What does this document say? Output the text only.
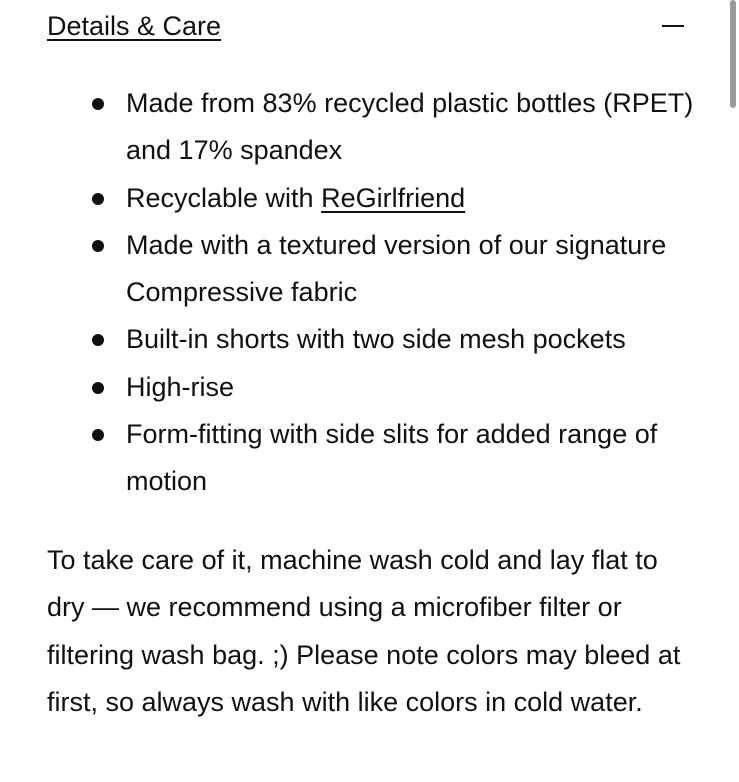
Details & Care
Made from 83% recycled plastic bottles (RPET) and 17% spandex
Recyclable with ReGirlfriend
Made with a textured version of our signature Compressive fabric
Built-in shorts with two side mesh pockets
High-rise
Form-fitting with side slits for added range of motion

To take care of it, machine wash cold and lay flat to dry — we recommend using a microfiber filter or filtering wash bag. ;) Please note colors may bleed at first, so always wash with like colors in cold water.
